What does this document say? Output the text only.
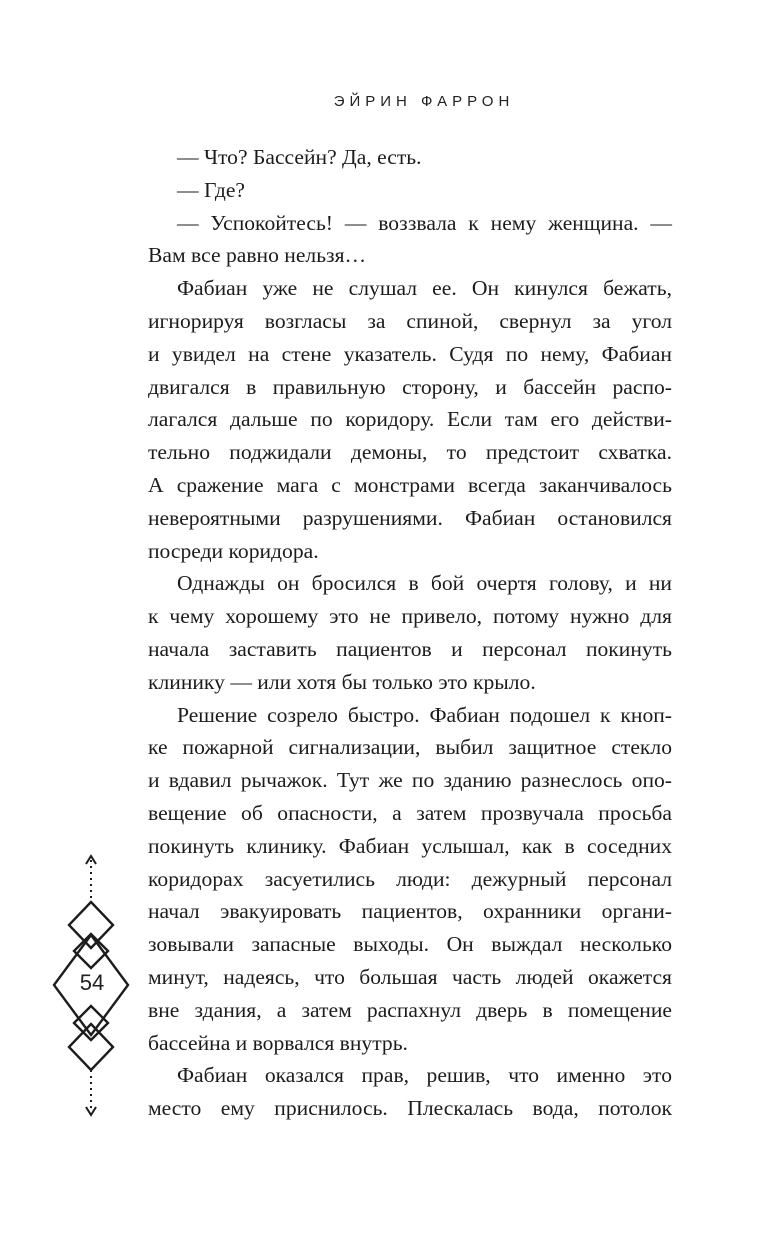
ЭЙРИН ФАРРОН
— Что? Бассейн? Да, есть.
— Где?
— Успокойтесь! — воззвала к нему женщина. —
Вам все равно нельзя…
Фабиан уже не слушал ее. Он кинулся бежать,
игнорируя возгласы за спиной, свернул за угол
и увидел на стене указатель. Судя по нему, Фабиан
двигался в правильную сторону, и бассейн распо-
лагался дальше по коридору. Если там его действи-
тельно поджидали демоны, то предстоит схватка.
А сражение мага с монстрами всегда заканчивалось
невероятными разрушениями. Фабиан остановился
посреди коридора.
Однажды он бросился в бой очертя голову, и ни
к чему хорошему это не привело, потому нужно для
начала заставить пациентов и персонал покинуть
клинику — или хотя бы только это крыло.
Решение созрело быстро. Фабиан подошел к кноп-
ке пожарной сигнализации, выбил защитное стекло
и вдавил рычажок. Тут же по зданию разнеслось опо-
вещение об опасности, а затем прозвучала просьба
покинуть клинику. Фабиан услышал, как в соседних
коридорах засуетились люди: дежурный персонал
начал эвакуировать пациентов, охранники органи-
зовывали запасные выходы. Он выждал несколько
минут, надеясь, что большая часть людей окажется
вне здания, а затем распахнул дверь в помещение
бассейна и ворвался внутрь.
Фабиан оказался прав, решив, что именно это
место ему приснилось. Плескалась вода, потолок
54
